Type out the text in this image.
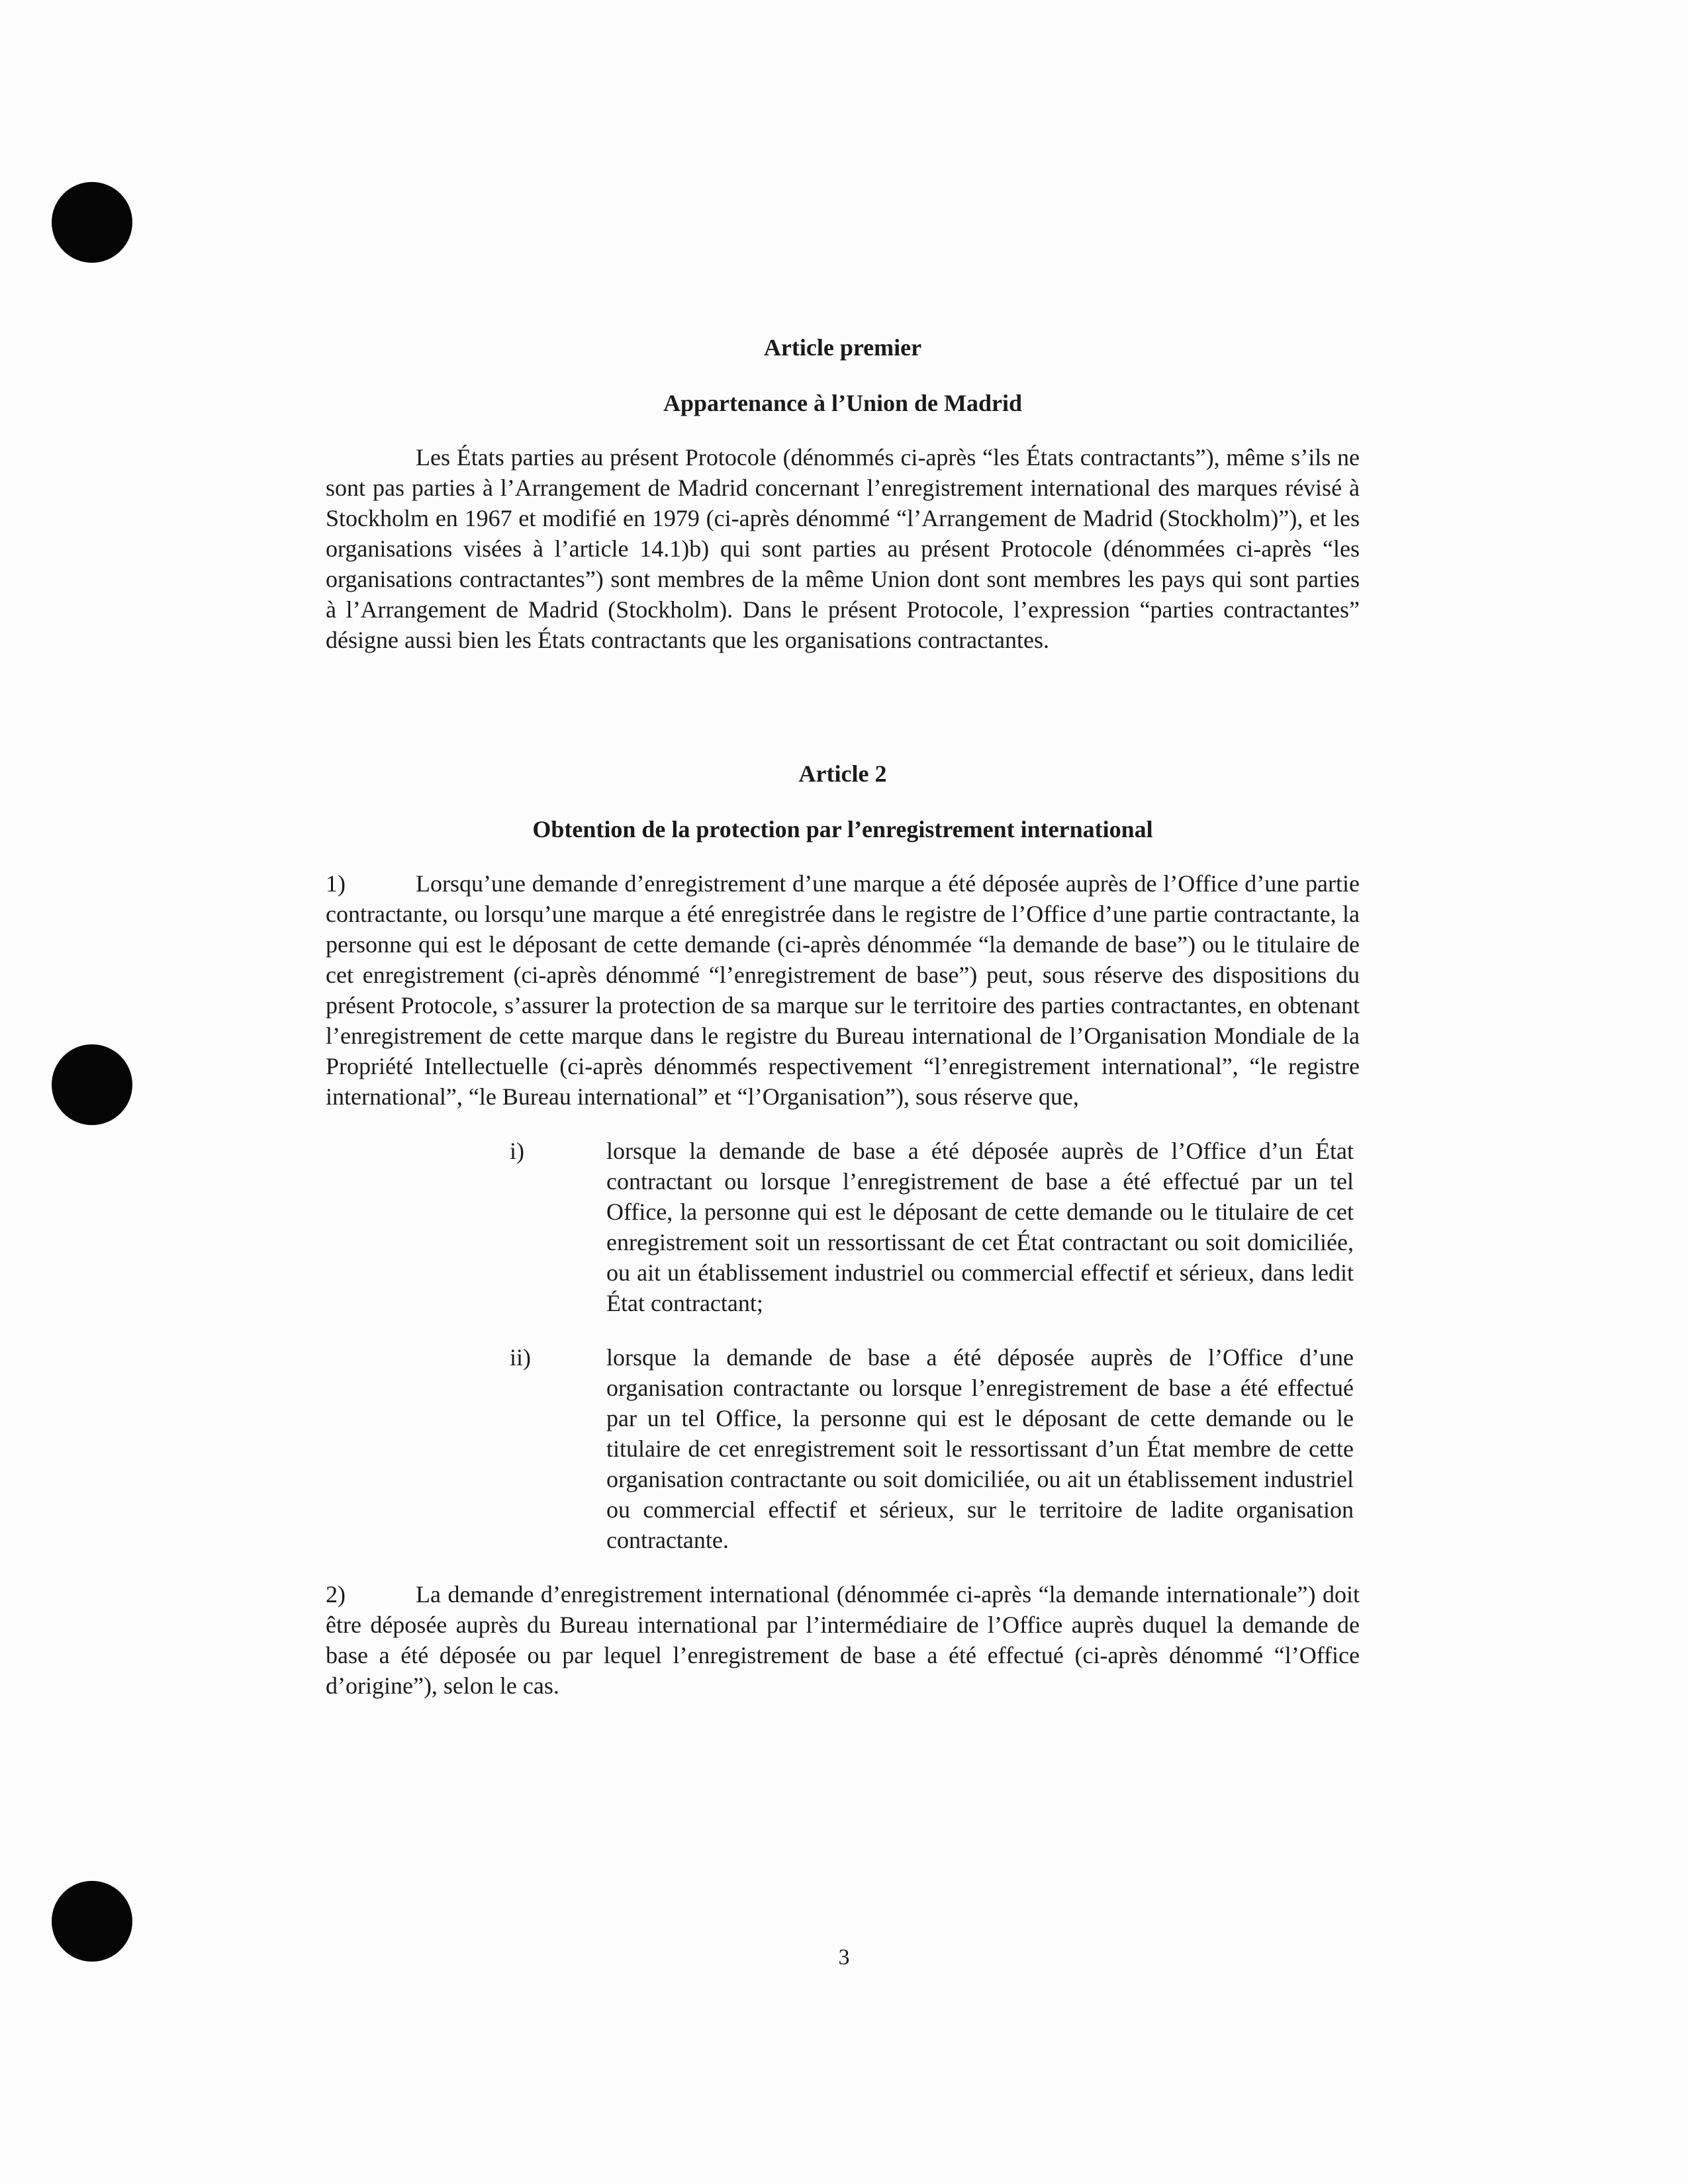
Article premier

Appartenance à l’Union de Madrid

Les États parties au présent Protocole (dénommés ci-après “les États contractants”), même s’ils ne sont pas parties à l’Arrangement de Madrid concernant l’enregistrement international des marques révisé à Stockholm en 1967 et modifié en 1979 (ci-après dénommé “l’Arrangement de Madrid (Stockholm)”), et les organisations visées à l’article 14.1)b) qui sont parties au présent Protocole (dénommées ci-après “les organisations contractantes”) sont membres de la même Union dont sont membres les pays qui sont parties à l’Arrangement de Madrid (Stockholm). Dans le présent Protocole, l’expression “parties contractantes” désigne aussi bien les États contractants que les organisations contractantes.

Article 2

Obtention de la protection par l’enregistrement international

1)	Lorsqu’une demande d’enregistrement d’une marque a été déposée auprès de l’Office d’une partie contractante, ou lorsqu’une marque a été enregistrée dans le registre de l’Office d’une partie contractante, la personne qui est le déposant de cette demande (ci-après dénommée “la demande de base”) ou le titulaire de cet enregistrement (ci-après dénommé “l’enregistrement de base”) peut, sous réserve des dispositions du présent Protocole, s’assurer la protection de sa marque sur le territoire des parties contractantes, en obtenant l’enregistrement de cette marque dans le registre du Bureau international de l’Organisation Mondiale de la Propriété Intellectuelle (ci-après dénommés respectivement “l’enregistrement international”, “le registre international”, “le Bureau international” et “l’Organisation”), sous réserve que,

i)	lorsque la demande de base a été déposée auprès de l’Office d’un État contractant ou lorsque l’enregistrement de base a été effectué par un tel Office, la personne qui est le déposant de cette demande ou le titulaire de cet enregistrement soit un ressortissant de cet État contractant ou soit domiciliée, ou ait un établissement industriel ou commercial effectif et sérieux, dans ledit État contractant;
ii)	lorsque la demande de base a été déposée auprès de l’Office d’une organisation contractante ou lorsque l’enregistrement de base a été effectué par un tel Office, la personne qui est le déposant de cette demande ou le titulaire de cet enregistrement soit le ressortissant d’un État membre de cette organisation contractante ou soit domiciliée, ou ait un établissement industriel ou commercial effectif et sérieux, sur le territoire de ladite organisation contractante.

2)	La demande d’enregistrement international (dénommée ci-après “la demande internationale”) doit être déposée auprès du Bureau international par l’intermédiaire de l’Office auprès duquel la demande de base a été déposée ou par lequel l’enregistrement de base a été effectué (ci-après dénommé “l’Office d’origine”), selon le cas.

3
